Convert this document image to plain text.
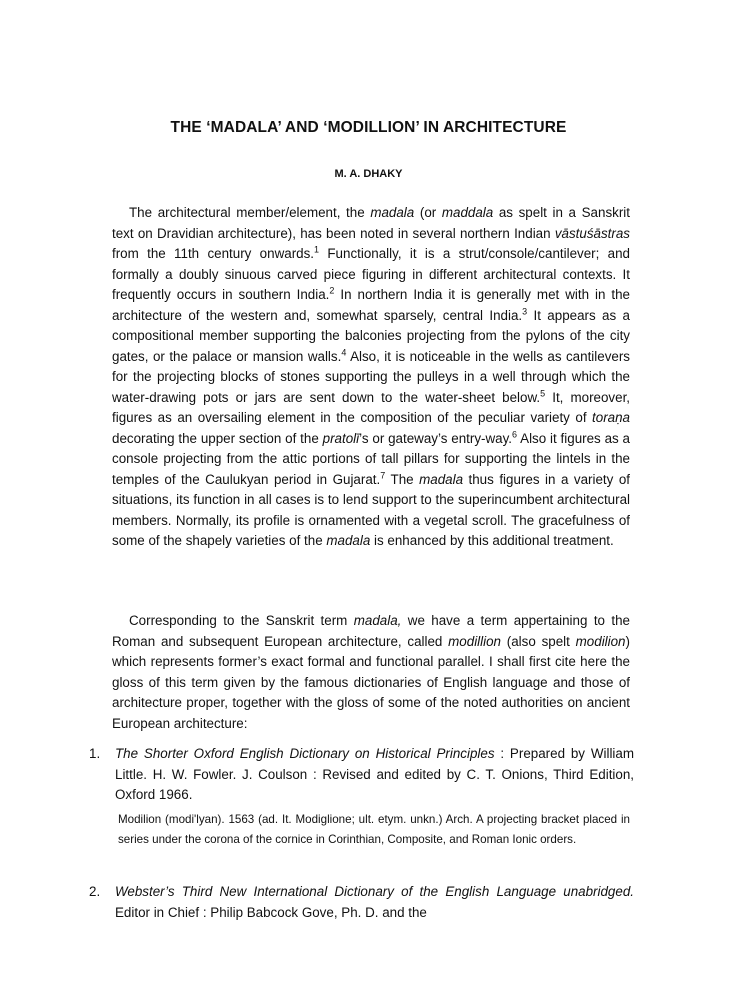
THE ‘MADALA’ AND ‘MODILLION’ IN ARCHITECTURE
M. A. DHAKY

The architectural member/element, the madala (or maddala as spelt in a Sanskrit text on Dravidian architecture), has been noted in several northern Indian vāstuśāstras from the 11th century onwards.$^1$ Functionally, it is a strut/console/cantilever; and formally a doubly sinuous carved piece figuring in different architectural contexts. It frequently occurs in southern India.$^2$ In northern India it is generally met with in the architecture of the western and, somewhat sparsely, central India.$^3$ It appears as a compositional member supporting the balconies projecting from the pylons of the city gates, or the palace or mansion walls.$^4$ Also, it is noticeable in the wells as cantilevers for the projecting blocks of stones supporting the pulleys in a well through which the water-drawing pots or jars are sent down to the water-sheet below.$^5$ It, moreover, figures as an oversailing element in the composition of the peculiar variety of toraṇa decorating the upper section of the pratolī’s or gateway’s entry-way.$^6$ Also it figures as a console projecting from the attic portions of tall pillars for supporting the lintels in the temples of the Caulukyan period in Gujarat.$^7$ The madala thus figures in a variety of situations, its function in all cases is to lend support to the superincumbent architectural members. Normally, its profile is ornamented with a vegetal scroll. The gracefulness of some of the shapely varieties of the madala is enhanced by this additional treatment.

Corresponding to the Sanskrit term madala, we have a term appertaining to the Roman and subsequent European architecture, called modillion (also spelt modilion) which represents former’s exact formal and functional parallel. I shall first cite here the gloss of this term given by the famous dictionaries of English language and those of architecture proper, together with the gloss of some of the noted authorities on ancient European architecture:

1. The Shorter Oxford English Dictionary on Historical Principles : Prepared by William Little. H. W. Fowler. J. Coulson : Revised and edited by C. T. Onions, Third Edition, Oxford 1966.

Modilion (modi'lyan). 1563 (ad. It. Modiglione; ult. etym. unkn.) Arch. A projecting bracket placed in series under the corona of the cornice in Corinthian, Composite, and Roman Ionic orders.

2. Webster’s Third New International Dictionary of the English Language unabridged. Editor in Chief : Philip Babcock Gove, Ph. D. and the
